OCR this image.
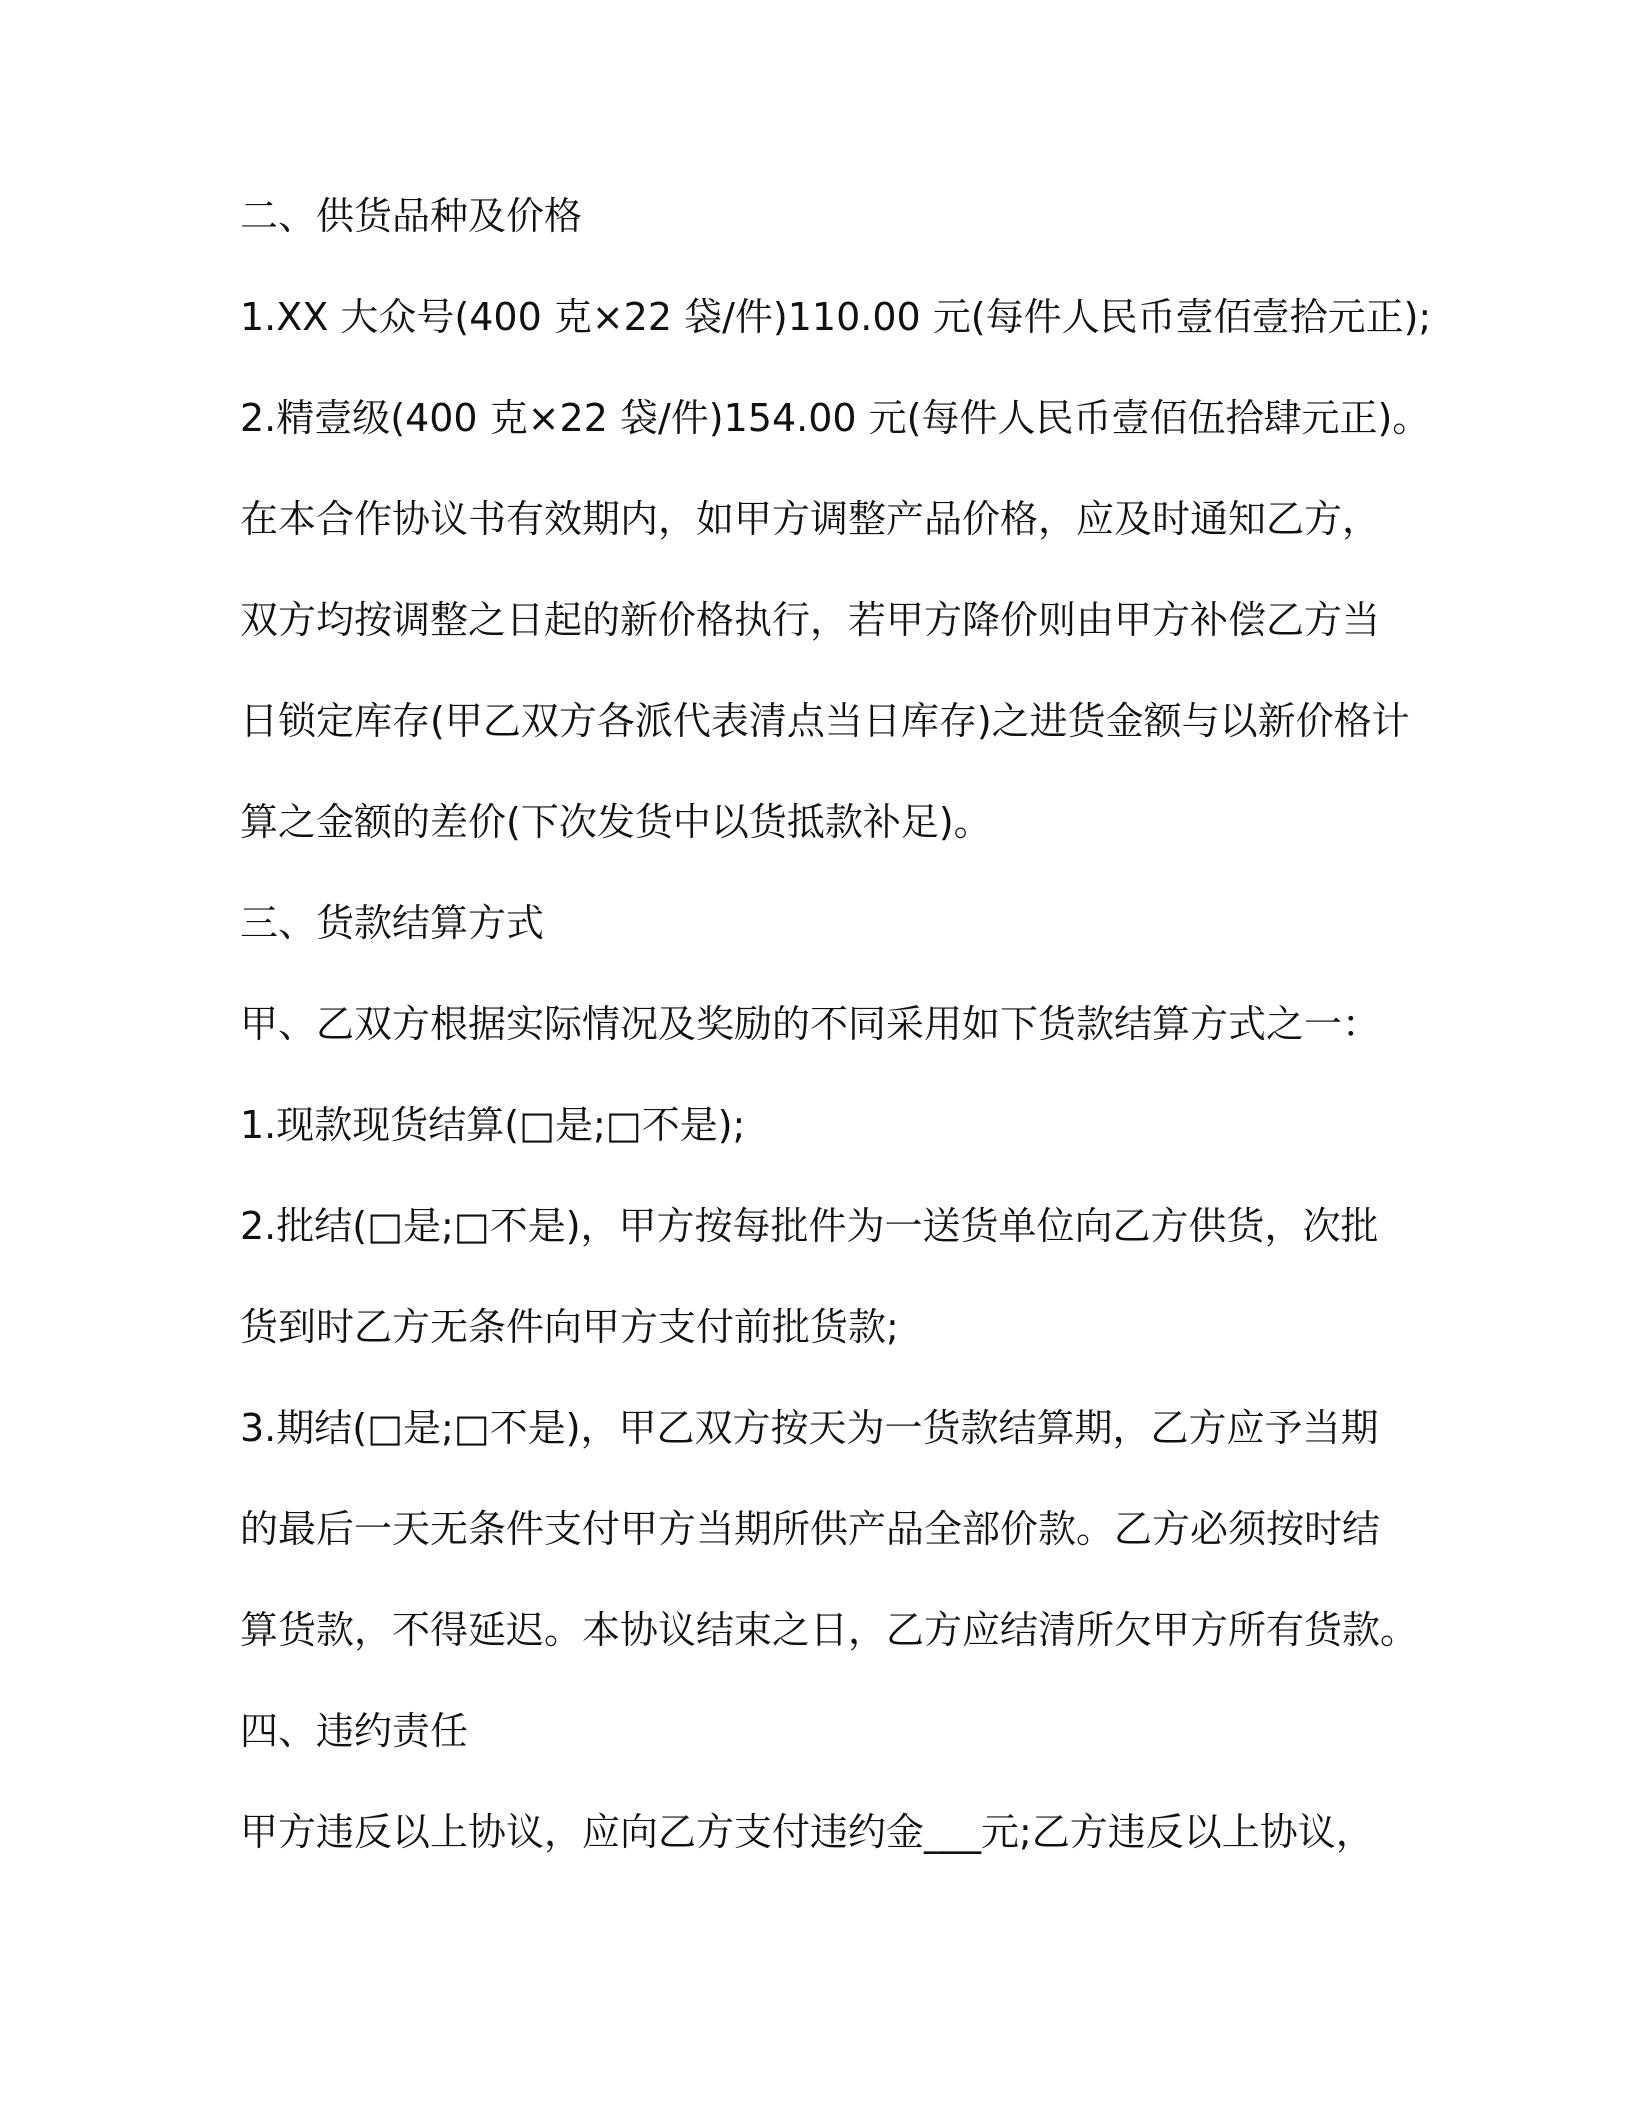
二、供货品种及价格
1.XX 大众号(400 克×22 袋/件)110.00 元(每件人民币壹佰壹拾元正);
2.精壹级(400 克×22 袋/件)154.00 元(每件人民币壹佰伍拾肆元正)。
在本合作协议书有效期内，如甲方调整产品价格，应及时通知乙方，
双方均按调整之日起的新价格执行，若甲方降价则由甲方补偿乙方当
日锁定库存(甲乙双方各派代表清点当日库存)之进货金额与以新价格计
算之金额的差价(下次发货中以货抵款补足)。
三、货款结算方式
甲、乙双方根据实际情况及奖励的不同采用如下货款结算方式之一：
1.现款现货结算(□是;□不是);
2.批结(□是;□不是)，甲方按每批件为一送货单位向乙方供货，次批
货到时乙方无条件向甲方支付前批货款;
3.期结(□是;□不是)，甲乙双方按天为一货款结算期，乙方应予当期
的最后一天无条件支付甲方当期所供产品全部价款。乙方必须按时结
算货款，不得延迟。本协议结束之日，乙方应结清所欠甲方所有货款。
四、违约责任
甲方违反以上协议，应向乙方支付违约金___元;乙方违反以上协议，
